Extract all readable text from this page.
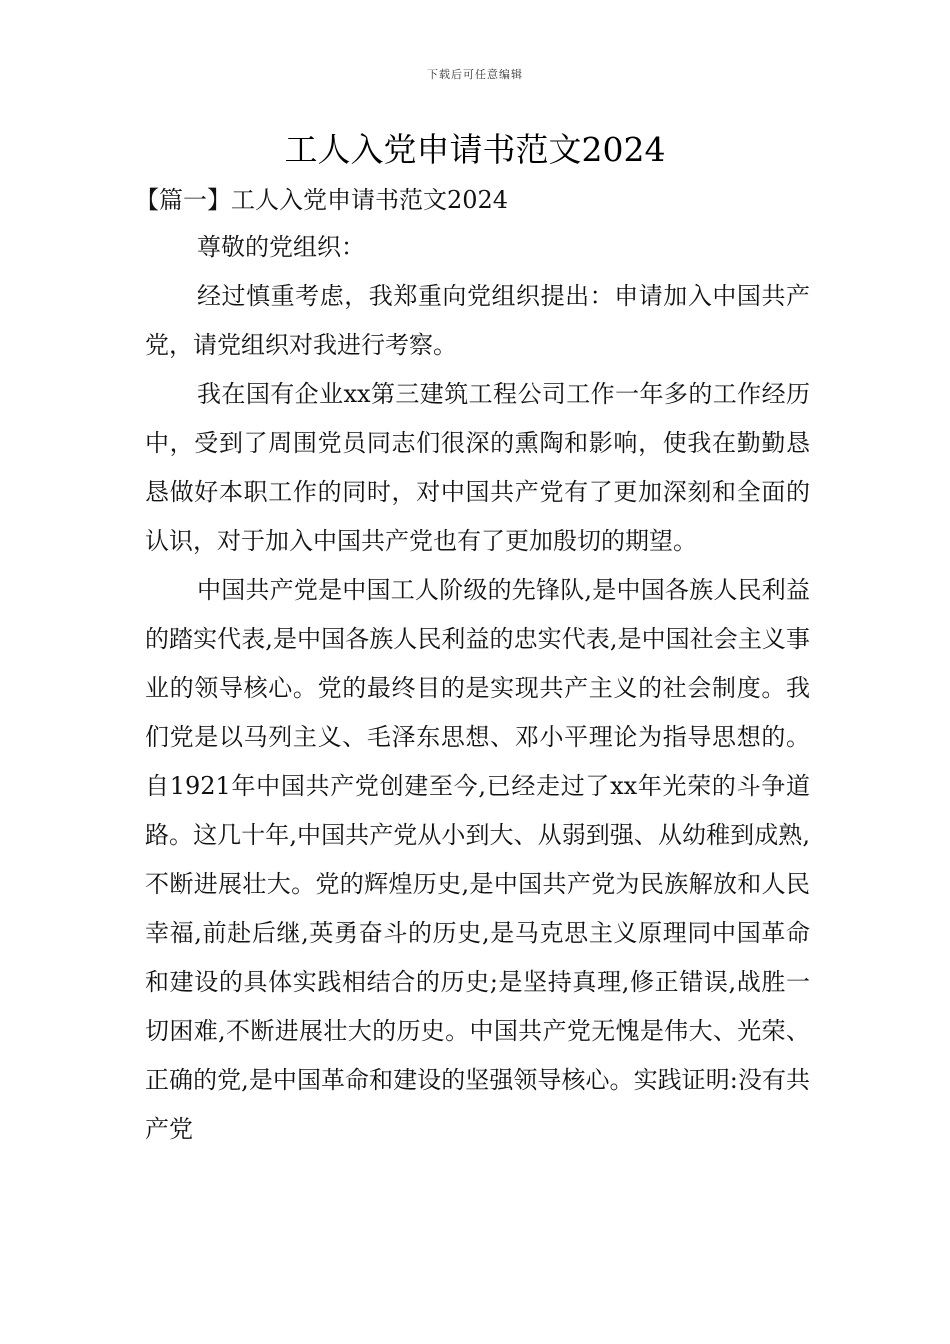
下载后可任意编辑
工人入党申请书范文2024

【篇一】工人入党申请书范文2024

尊敬的党组织：

经过慎重考虑，我郑重向党组织提出：申请加入中国共产党，请党组织对我进行考察。

我在国有企业xx第三建筑工程公司工作一年多的工作经历中，受到了周围党员同志们很深的熏陶和影响，使我在勤勤恳恳做好本职工作的同时，对中国共产党有了更加深刻和全面的认识，对于加入中国共产党也有了更加殷切的期望。

中国共产党是中国工人阶级的先锋队,是中国各族人民利益的踏实代表,是中国各族人民利益的忠实代表,是中国社会主义事业的领导核心。党的最终目的是实现共产主义的社会制度。我们党是以马列主义、毛泽东思想、邓小平理论为指导思想的。自1921年中国共产党创建至今,已经走过了xx年光荣的斗争道路。这几十年,中国共产党从小到大、从弱到强、从幼稚到成熟,不断进展壮大。党的辉煌历史,是中国共产党为民族解放和人民幸福,前赴后继,英勇奋斗的历史,是马克思主义原理同中国革命和建设的具体实践相结合的历史;是坚持真理,修正错误,战胜一切困难,不断进展壮大的历史。中国共产党无愧是伟大、光荣、正确的党,是中国革命和建设的坚强领导核心。实践证明:没有共产党
